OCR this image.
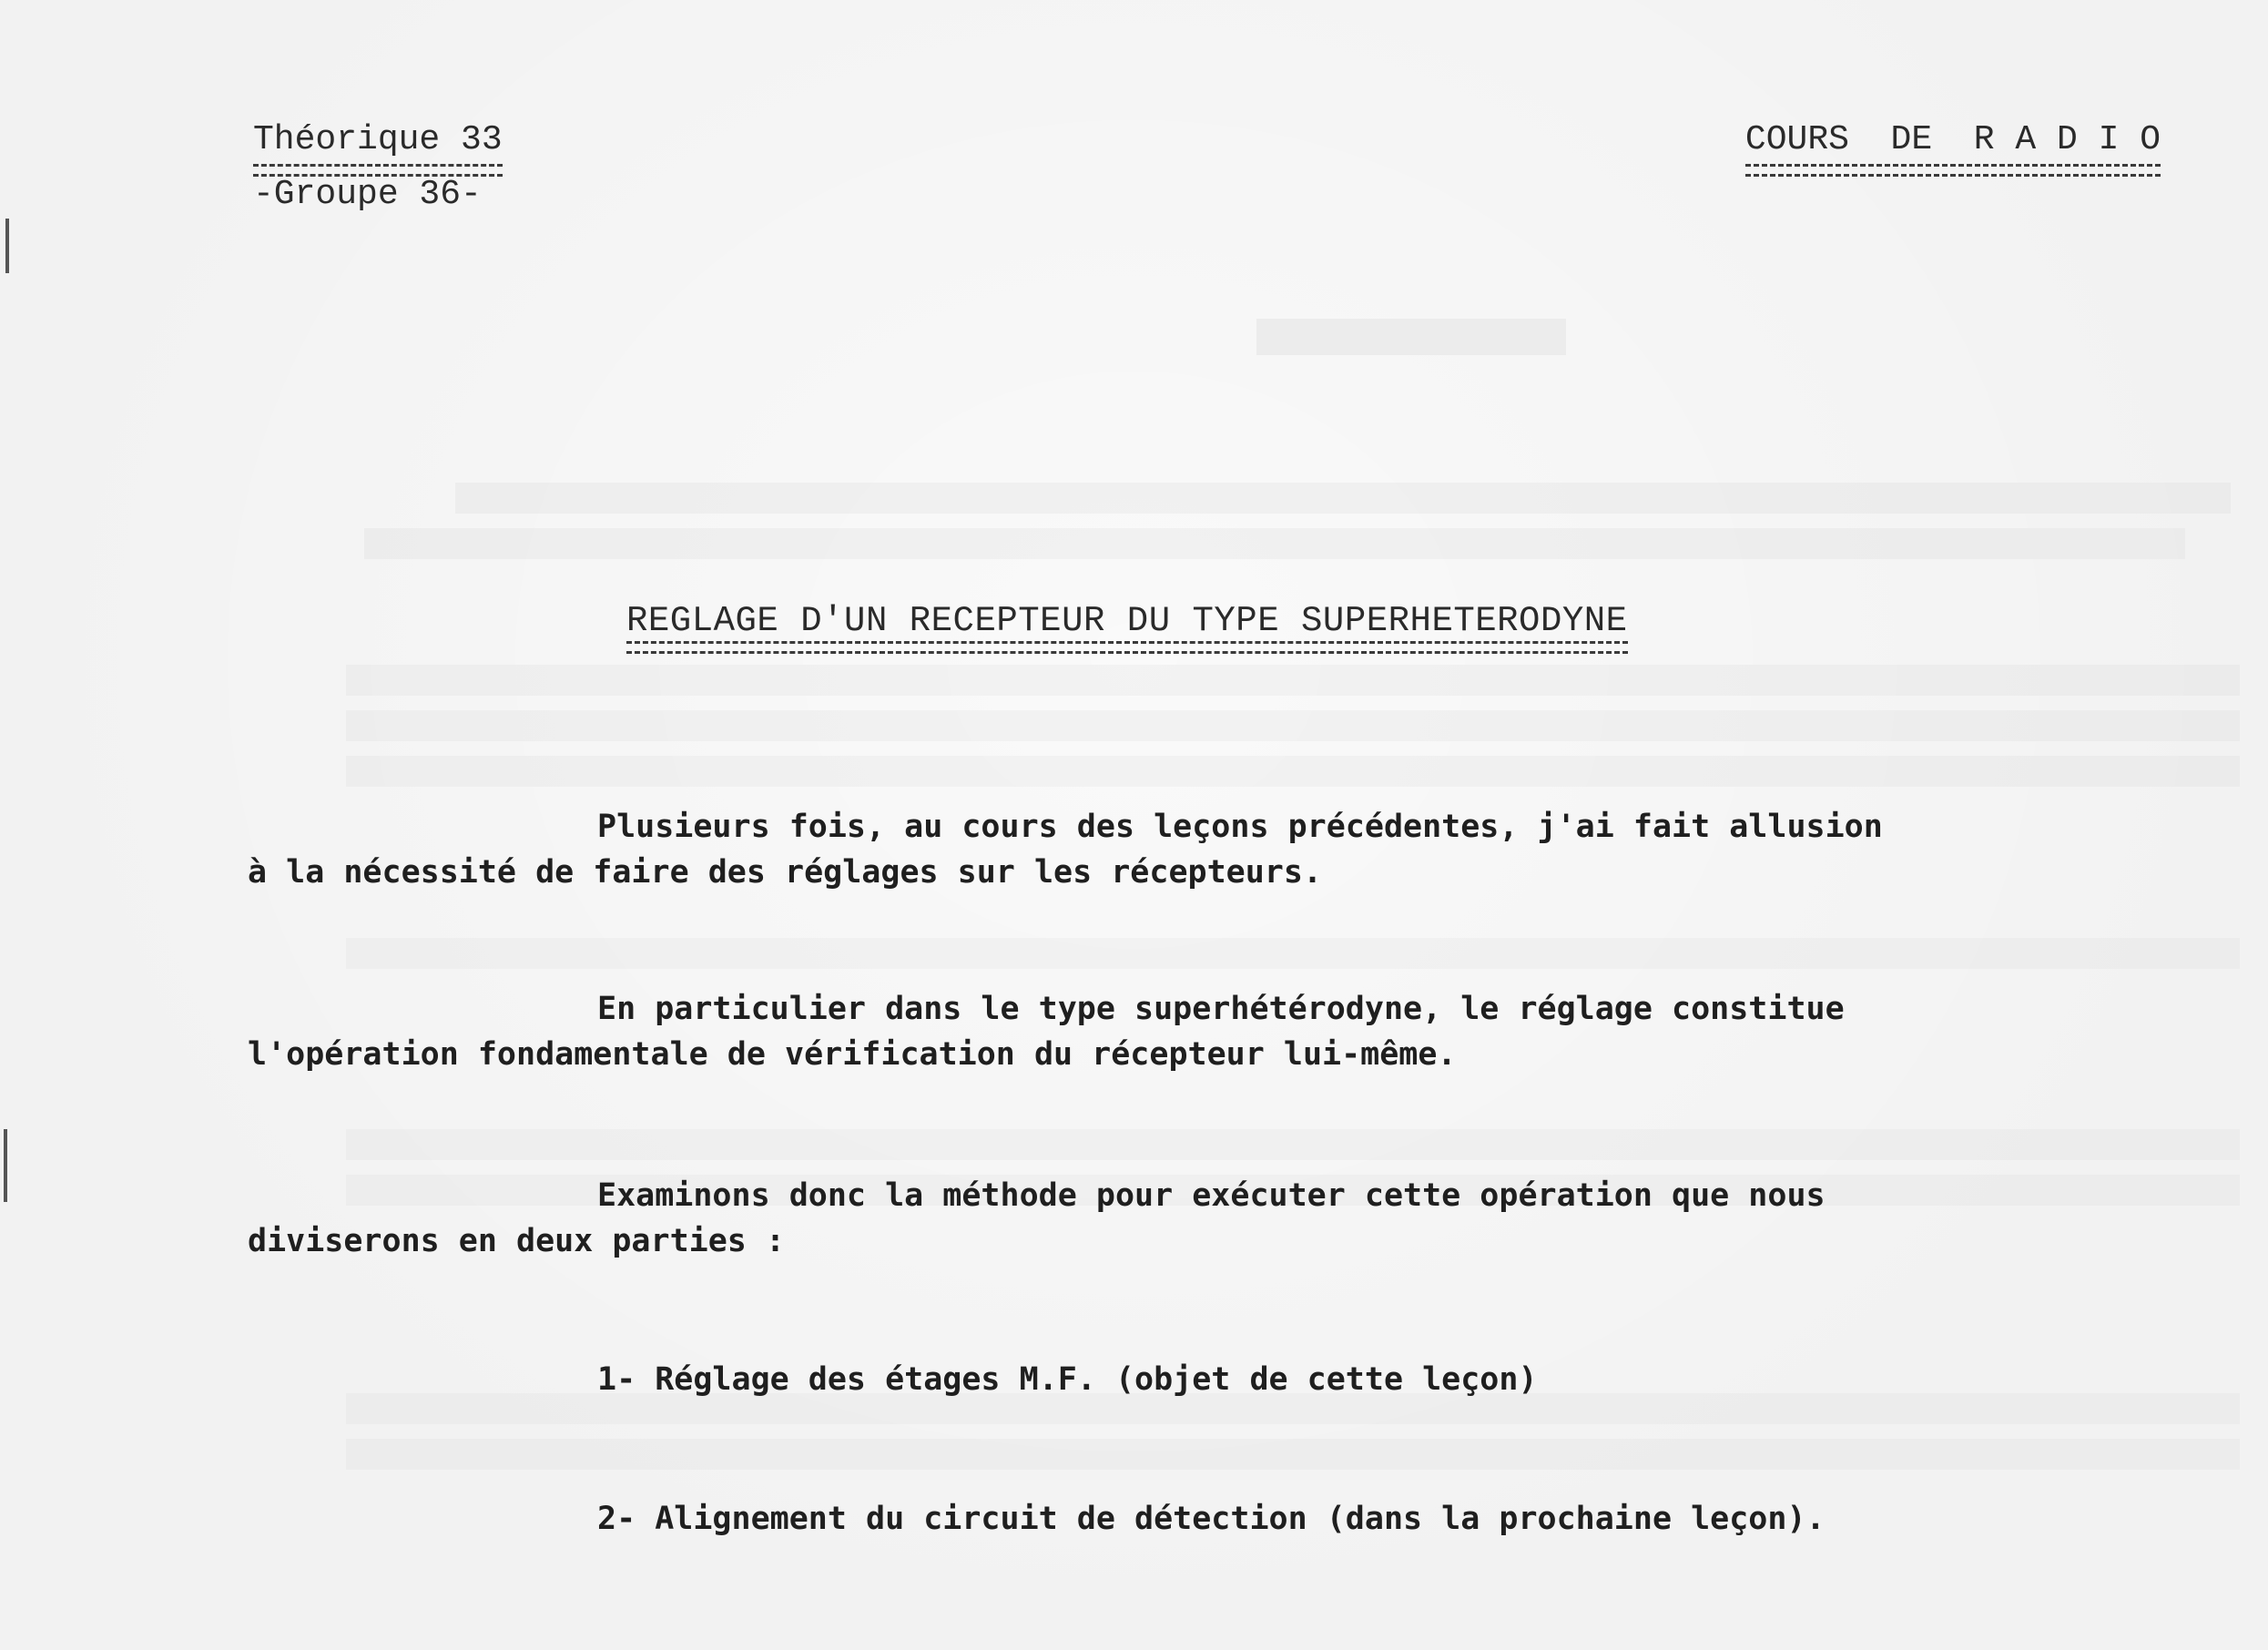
Théorique 33
-Groupe 36-
COURS  DE  R A D I O
REGLAGE D'UN RECEPTEUR DU TYPE SUPERHETERODYNE
Plusieurs fois, au cours des leçons précédentes, j'ai fait allusion
à la nécessité de faire des réglages sur les récepteurs.
En particulier dans le type superhétérodyne, le réglage constitue
l'opération fondamentale de vérification du récepteur lui-même.
Examinons donc la méthode pour exécuter cette opération que nous
diviserons en deux parties :
1- Réglage des étages M.F. (objet de cette leçon)
2- Alignement du circuit de détection (dans la prochaine leçon).
